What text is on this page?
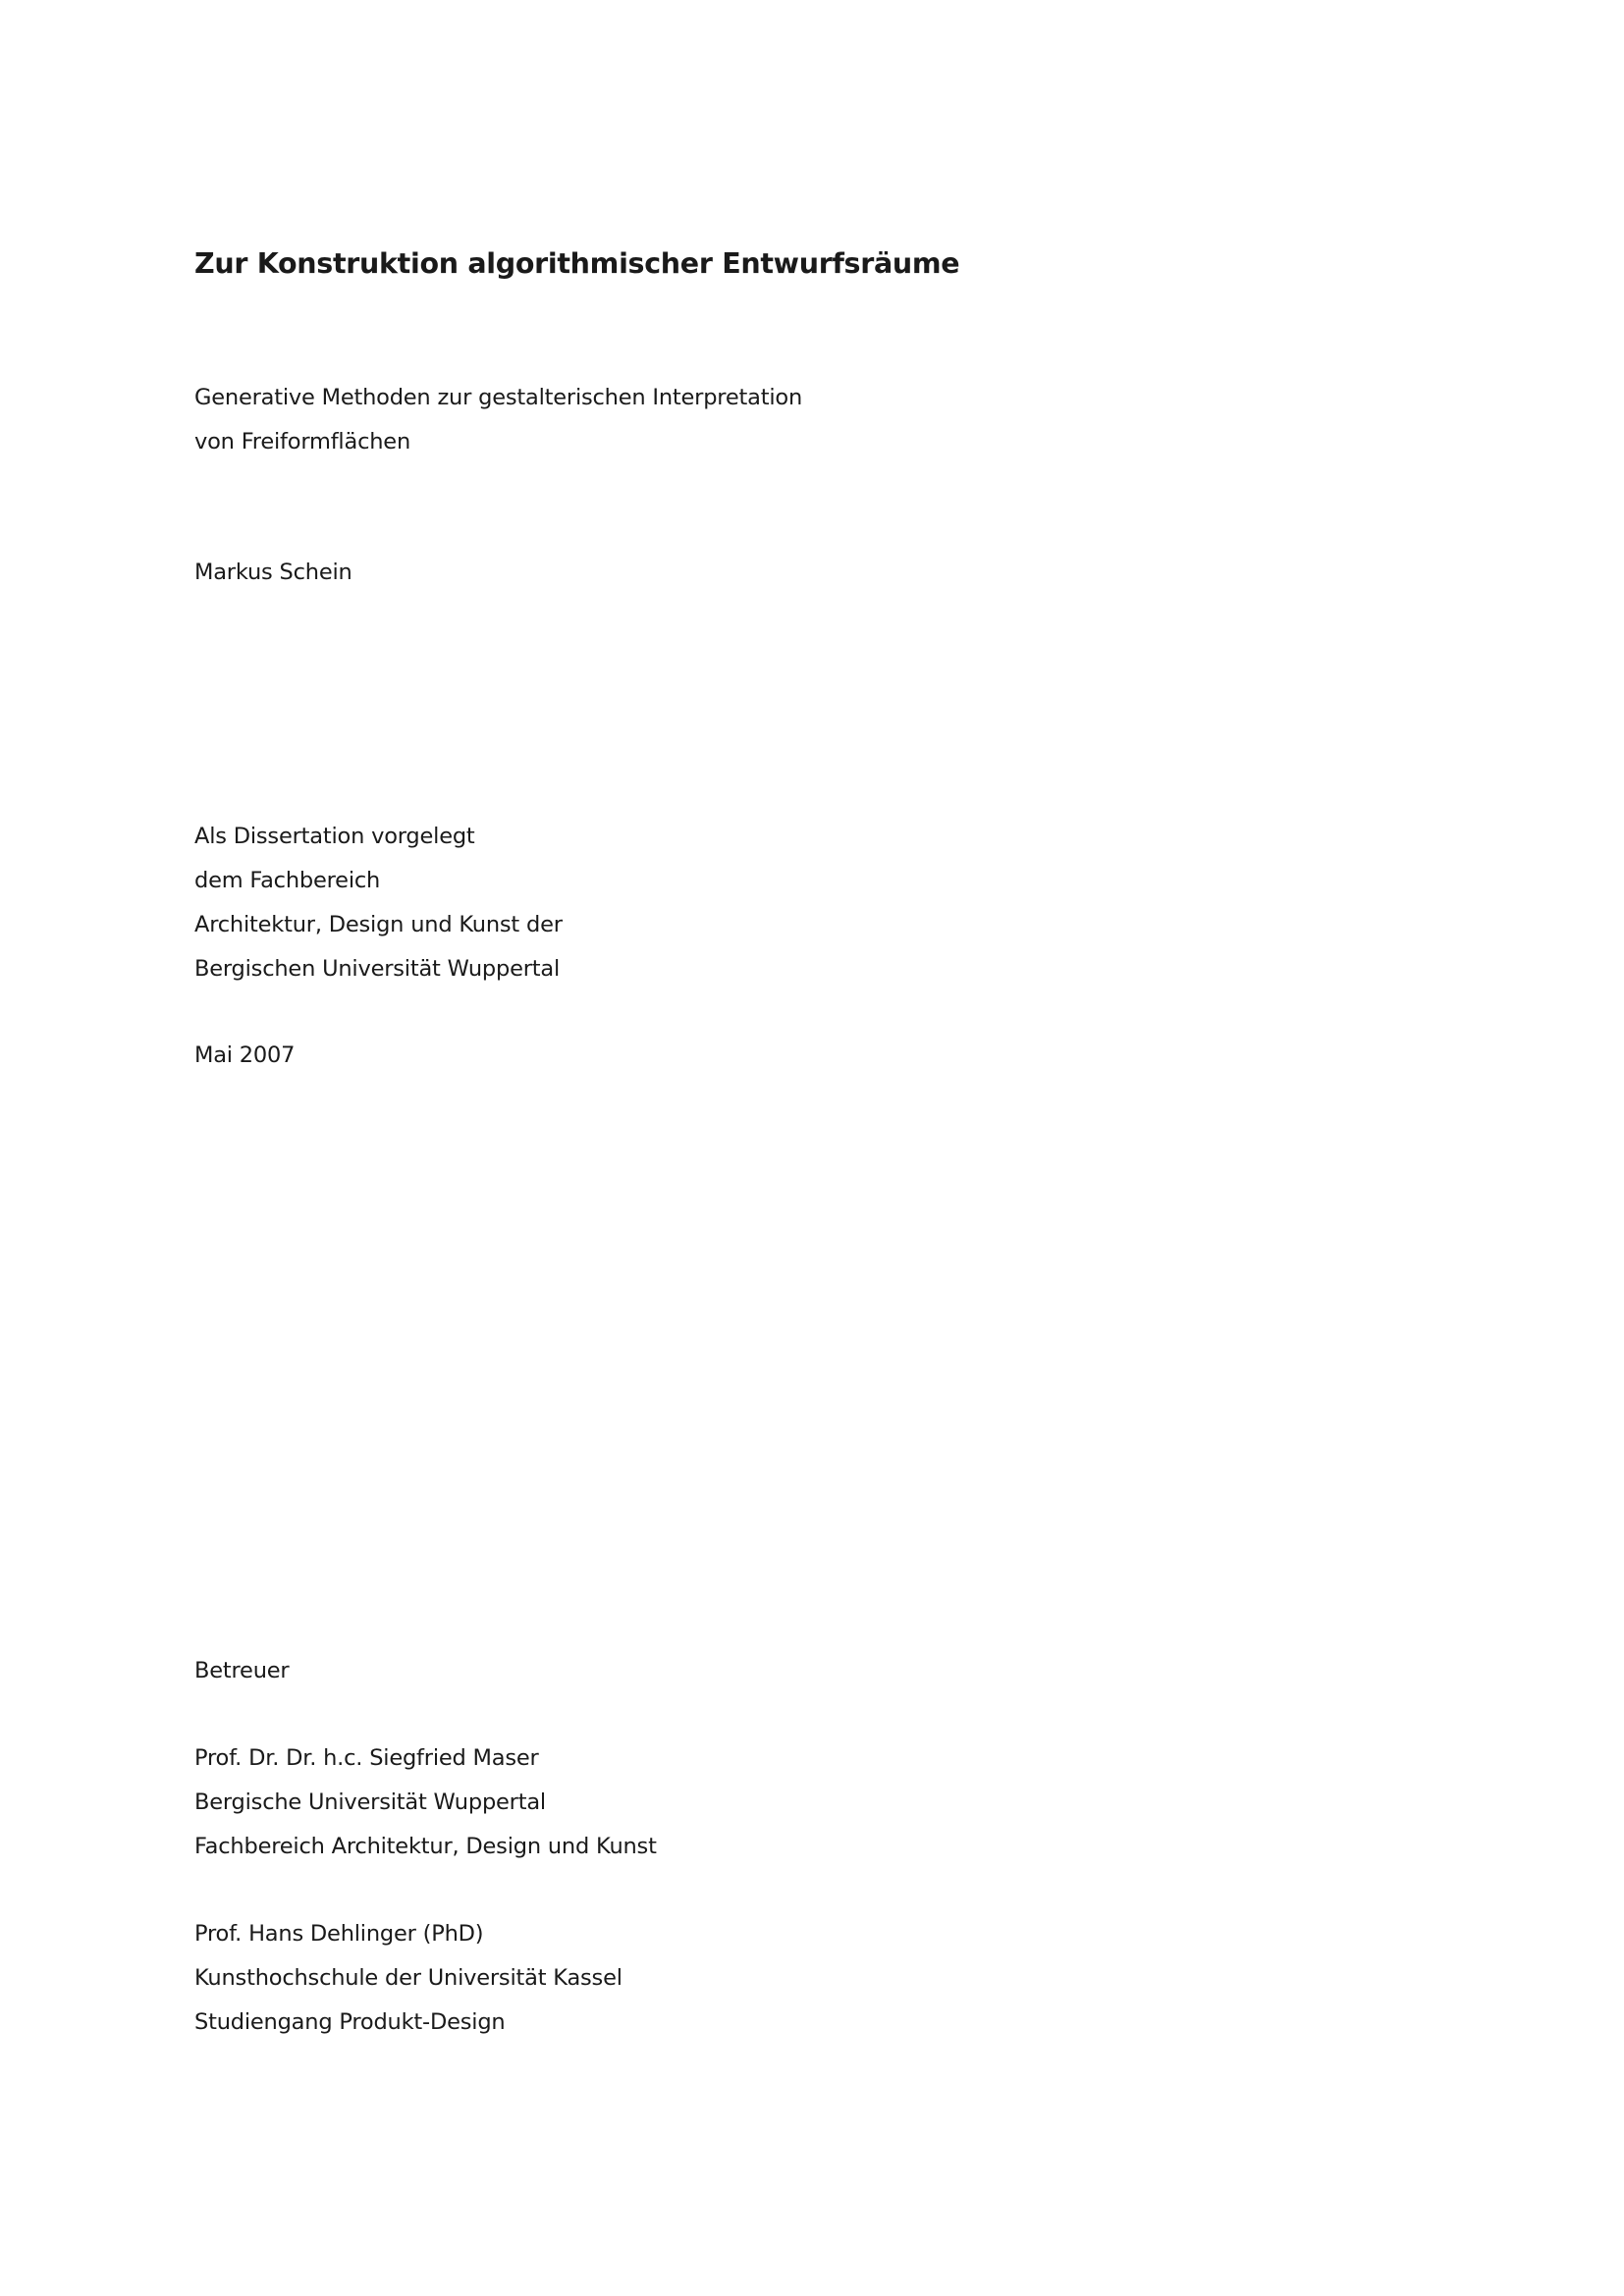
Zur Konstruktion algorithmischer Entwurfsräume

Generative Methoden zur gestalterischen Interpretation
von Freiformflächen

Markus Schein

Als Dissertation vorgelegt
dem Fachbereich
Architektur, Design und Kunst der
Bergischen Universität Wuppertal

Mai 2007

Betreuer

Prof. Dr. Dr. h.c. Siegfried Maser
Bergische Universität Wuppertal
Fachbereich Architektur, Design und Kunst

Prof. Hans Dehlinger (PhD)
Kunsthochschule der Universität Kassel
Studiengang Produkt-Design
